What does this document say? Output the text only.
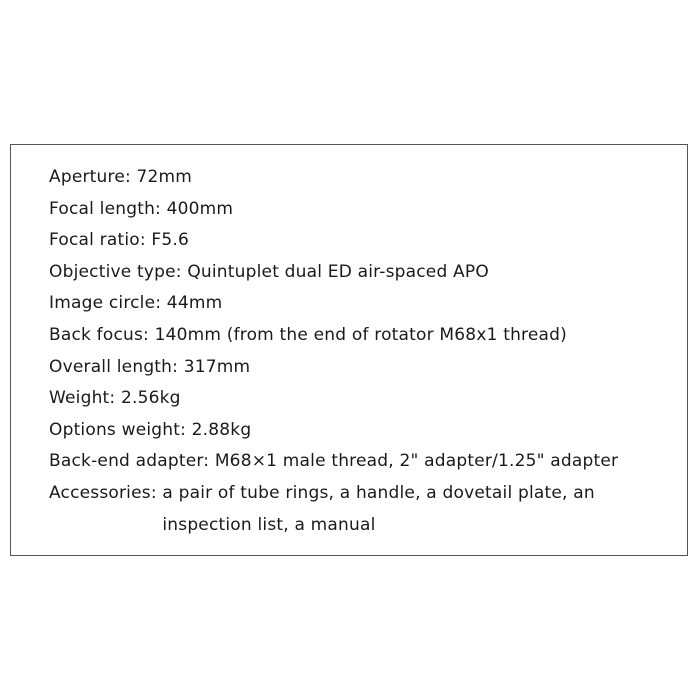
Aperture: 72mm
Focal length: 400mm
Focal ratio: F5.6
Objective type: Quintuplet dual ED air-spaced APO
Image circle: 44mm
Back focus: 140mm (from the end of rotator M68x1 thread)
Overall length: 317mm
Weight: 2.56kg
Options weight: 2.88kg
Back-end adapter: M68×1 male thread, 2" adapter/1.25" adapter
Accessories: a pair of tube rings, a handle, a dovetail plate, an inspection list, a manual
